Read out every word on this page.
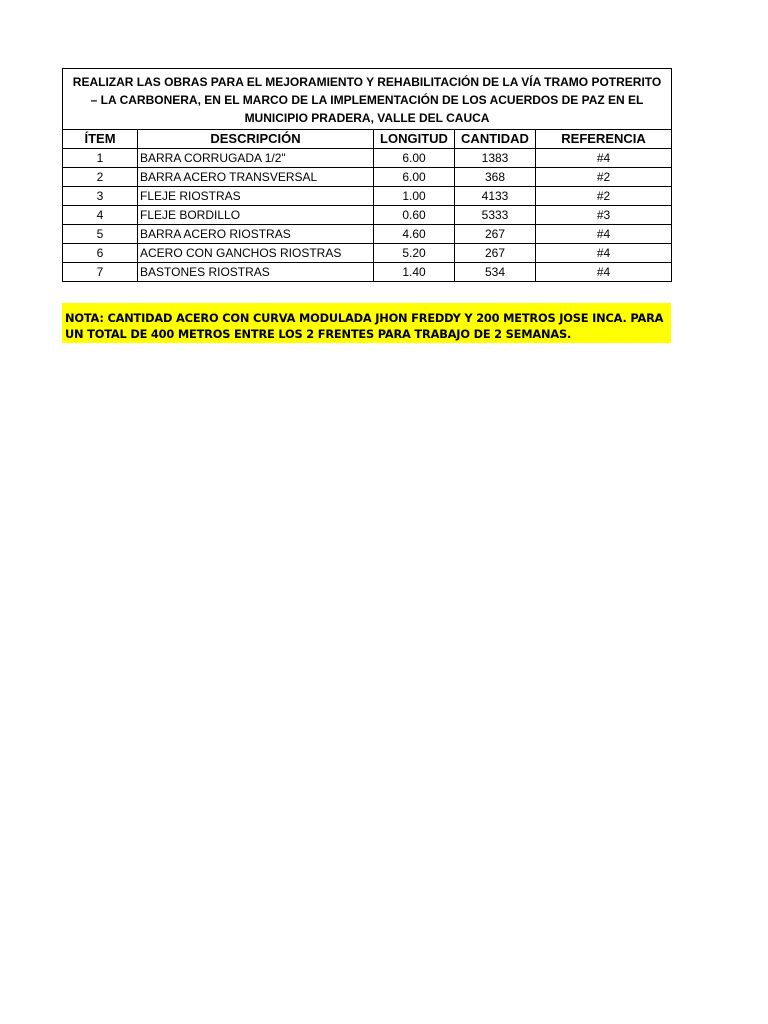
REALIZAR LAS OBRAS PARA EL MEJORAMIENTO Y REHABILITACIÓN DE LA VÍA TRAMO POTRERITO – LA CARBONERA, EN EL MARCO DE LA IMPLEMENTACIÓN DE LOS ACUERDOS DE PAZ EN EL MUNICIPIO PRADERA, VALLE DEL CAUCA				
ÍTEM	DESCRIPCIÓN	LONGITUD	CANTIDAD	REFERENCIA
1	BARRA CORRUGADA 1/2"	6.00	1383	#4
2	BARRA ACERO TRANSVERSAL	6.00	368	#2
3	FLEJE RIOSTRAS	1.00	4133	#2
4	FLEJE BORDILLO	0.60	5333	#3
5	BARRA ACERO RIOSTRAS	4.60	267	#4
6	ACERO CON GANCHOS RIOSTRAS	5.20	267	#4
7	BASTONES RIOSTRAS	1.40	534	#4
NOTA: CANTIDAD ACERO CON CURVA MODULADA JHON FREDDY Y 200 METROS JOSE INCA. PARA UN TOTAL DE 400 METROS ENTRE LOS 2 FRENTES PARA TRABAJO DE 2 SEMANAS.
